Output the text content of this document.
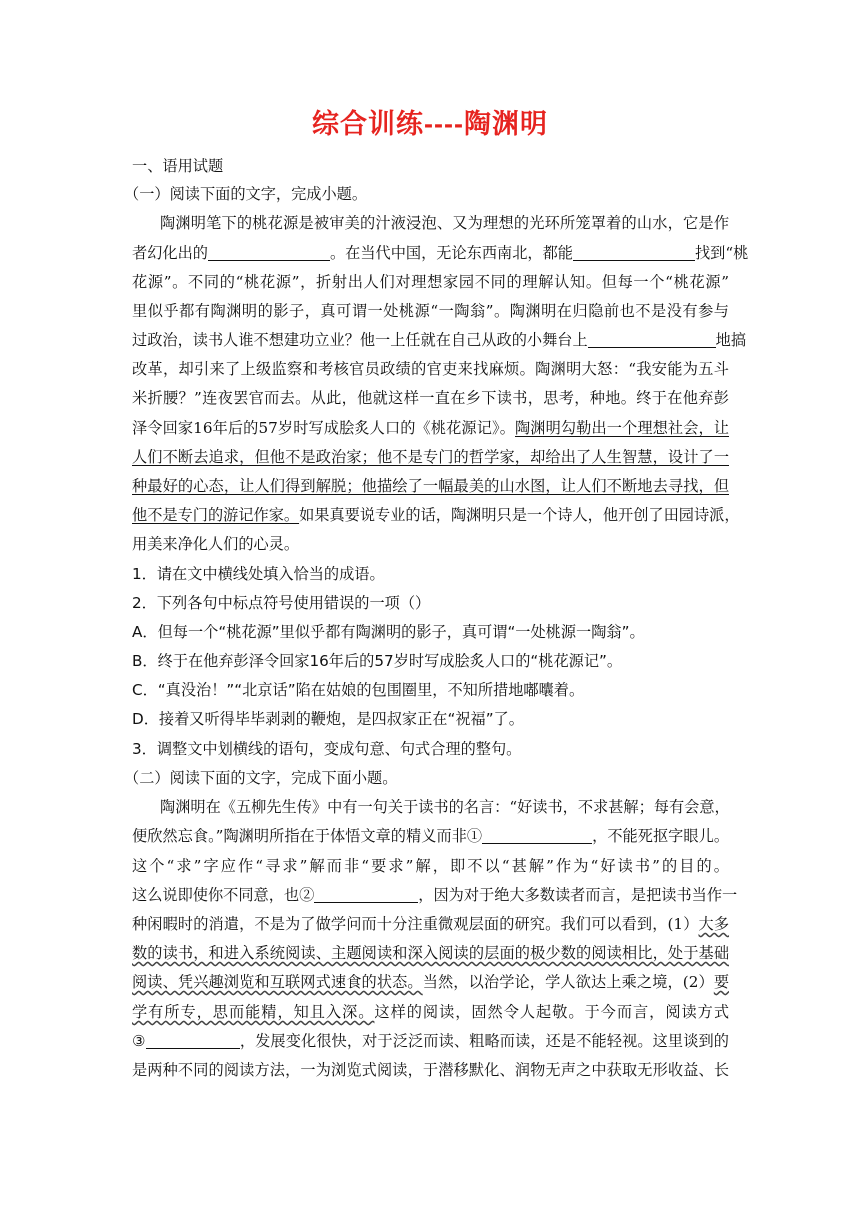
综合训练----陶渊明
一、语用试题
（一）阅读下面的文字，完成小题。
陶渊明笔下的桃花源是被审美的汁液浸泡、又为理想的光环所笼罩着的山水，它是作
者幻化出的	。在当代中国，无论东西南北，都能	找到“桃
花源”。不同的“桃花源”，折射出人们对理想家园不同的理解认知。但每一个“桃花源”
里似乎都有陶渊明的影子，真可谓一处桃源“一陶翁”。陶渊明在归隐前也不是没有参与
过政治，读书人谁不想建功立业？他一上任就在自己从政的小舞台上	地搞
改革，却引来了上级监察和考核官员政绩的官吏来找麻烦。陶渊明大怒：“我安能为五斗
米折腰？”连夜罢官而去。从此，他就这样一直在乡下读书，思考，种地。终于在他弃彭
泽令回家16年后的57岁时写成脍炙人口的《桃花源记》。陶渊明勾勒出一个理想社会，让
人们不断去追求，但他不是政治家；他不是专门的哲学家，却给出了人生智慧，设计了一
种最好的心态，让人们得到解脱；他描绘了一幅最美的山水图，让人们不断地去寻找，但
他不是专门的游记作家。如果真要说专业的话，陶渊明只是一个诗人，他开创了田园诗派，
用美来净化人们的心灵。
1．请在文中横线处填入恰当的成语。
2．下列各句中标点符号使用错误的一项（）
A．但每一个“桃花源”里似乎都有陶渊明的影子，真可谓“一处桃源一陶翁”。
B．终于在他弃彭泽令回家16年后的57岁时写成脍炙人口的“桃花源记”。
C．“真没治！”“北京话”陷在姑娘的包围圈里，不知所措地嘟囔着。
D．接着又听得毕毕剥剥的鞭炮，是四叔家正在“祝福”了。
3．调整文中划横线的语句，变成句意、句式合理的整句。
（二）阅读下面的文字，完成下面小题。
陶渊明在《五柳先生传》中有一句关于读书的名言：“好读书，不求甚解；每有会意，
便欣然忘食。”陶渊明所指在于体悟文章的精义而非①	，不能死抠字眼儿。
这个“求”字应作“寻求”解而非“要求”解，即不以“甚解”作为“好读书”的目的。
这么说即使你不同意，也②	，因为对于绝大多数读者而言，是把读书当作一
种闲暇时的消遣，不是为了做学问而十分注重微观层面的研究。我们可以看到，(1）大多
数的读书，和进入系统阅读、主题阅读和深入阅读的层面的极少数的阅读相比，处于基础
阅读、凭兴趣浏览和互联网式速食的状态。当然，以治学论，学人欲达上乘之境，(2）要
学有所专，思而能精，知且入深。这样的阅读，固然令人起敬。于今而言，阅读方式
③	，发展变化很快，对于泛泛而读、粗略而读，还是不能轻视。这里谈到的
是两种不同的阅读方法，一为浏览式阅读，于潜移默化、润物无声之中获取无形收益、长
